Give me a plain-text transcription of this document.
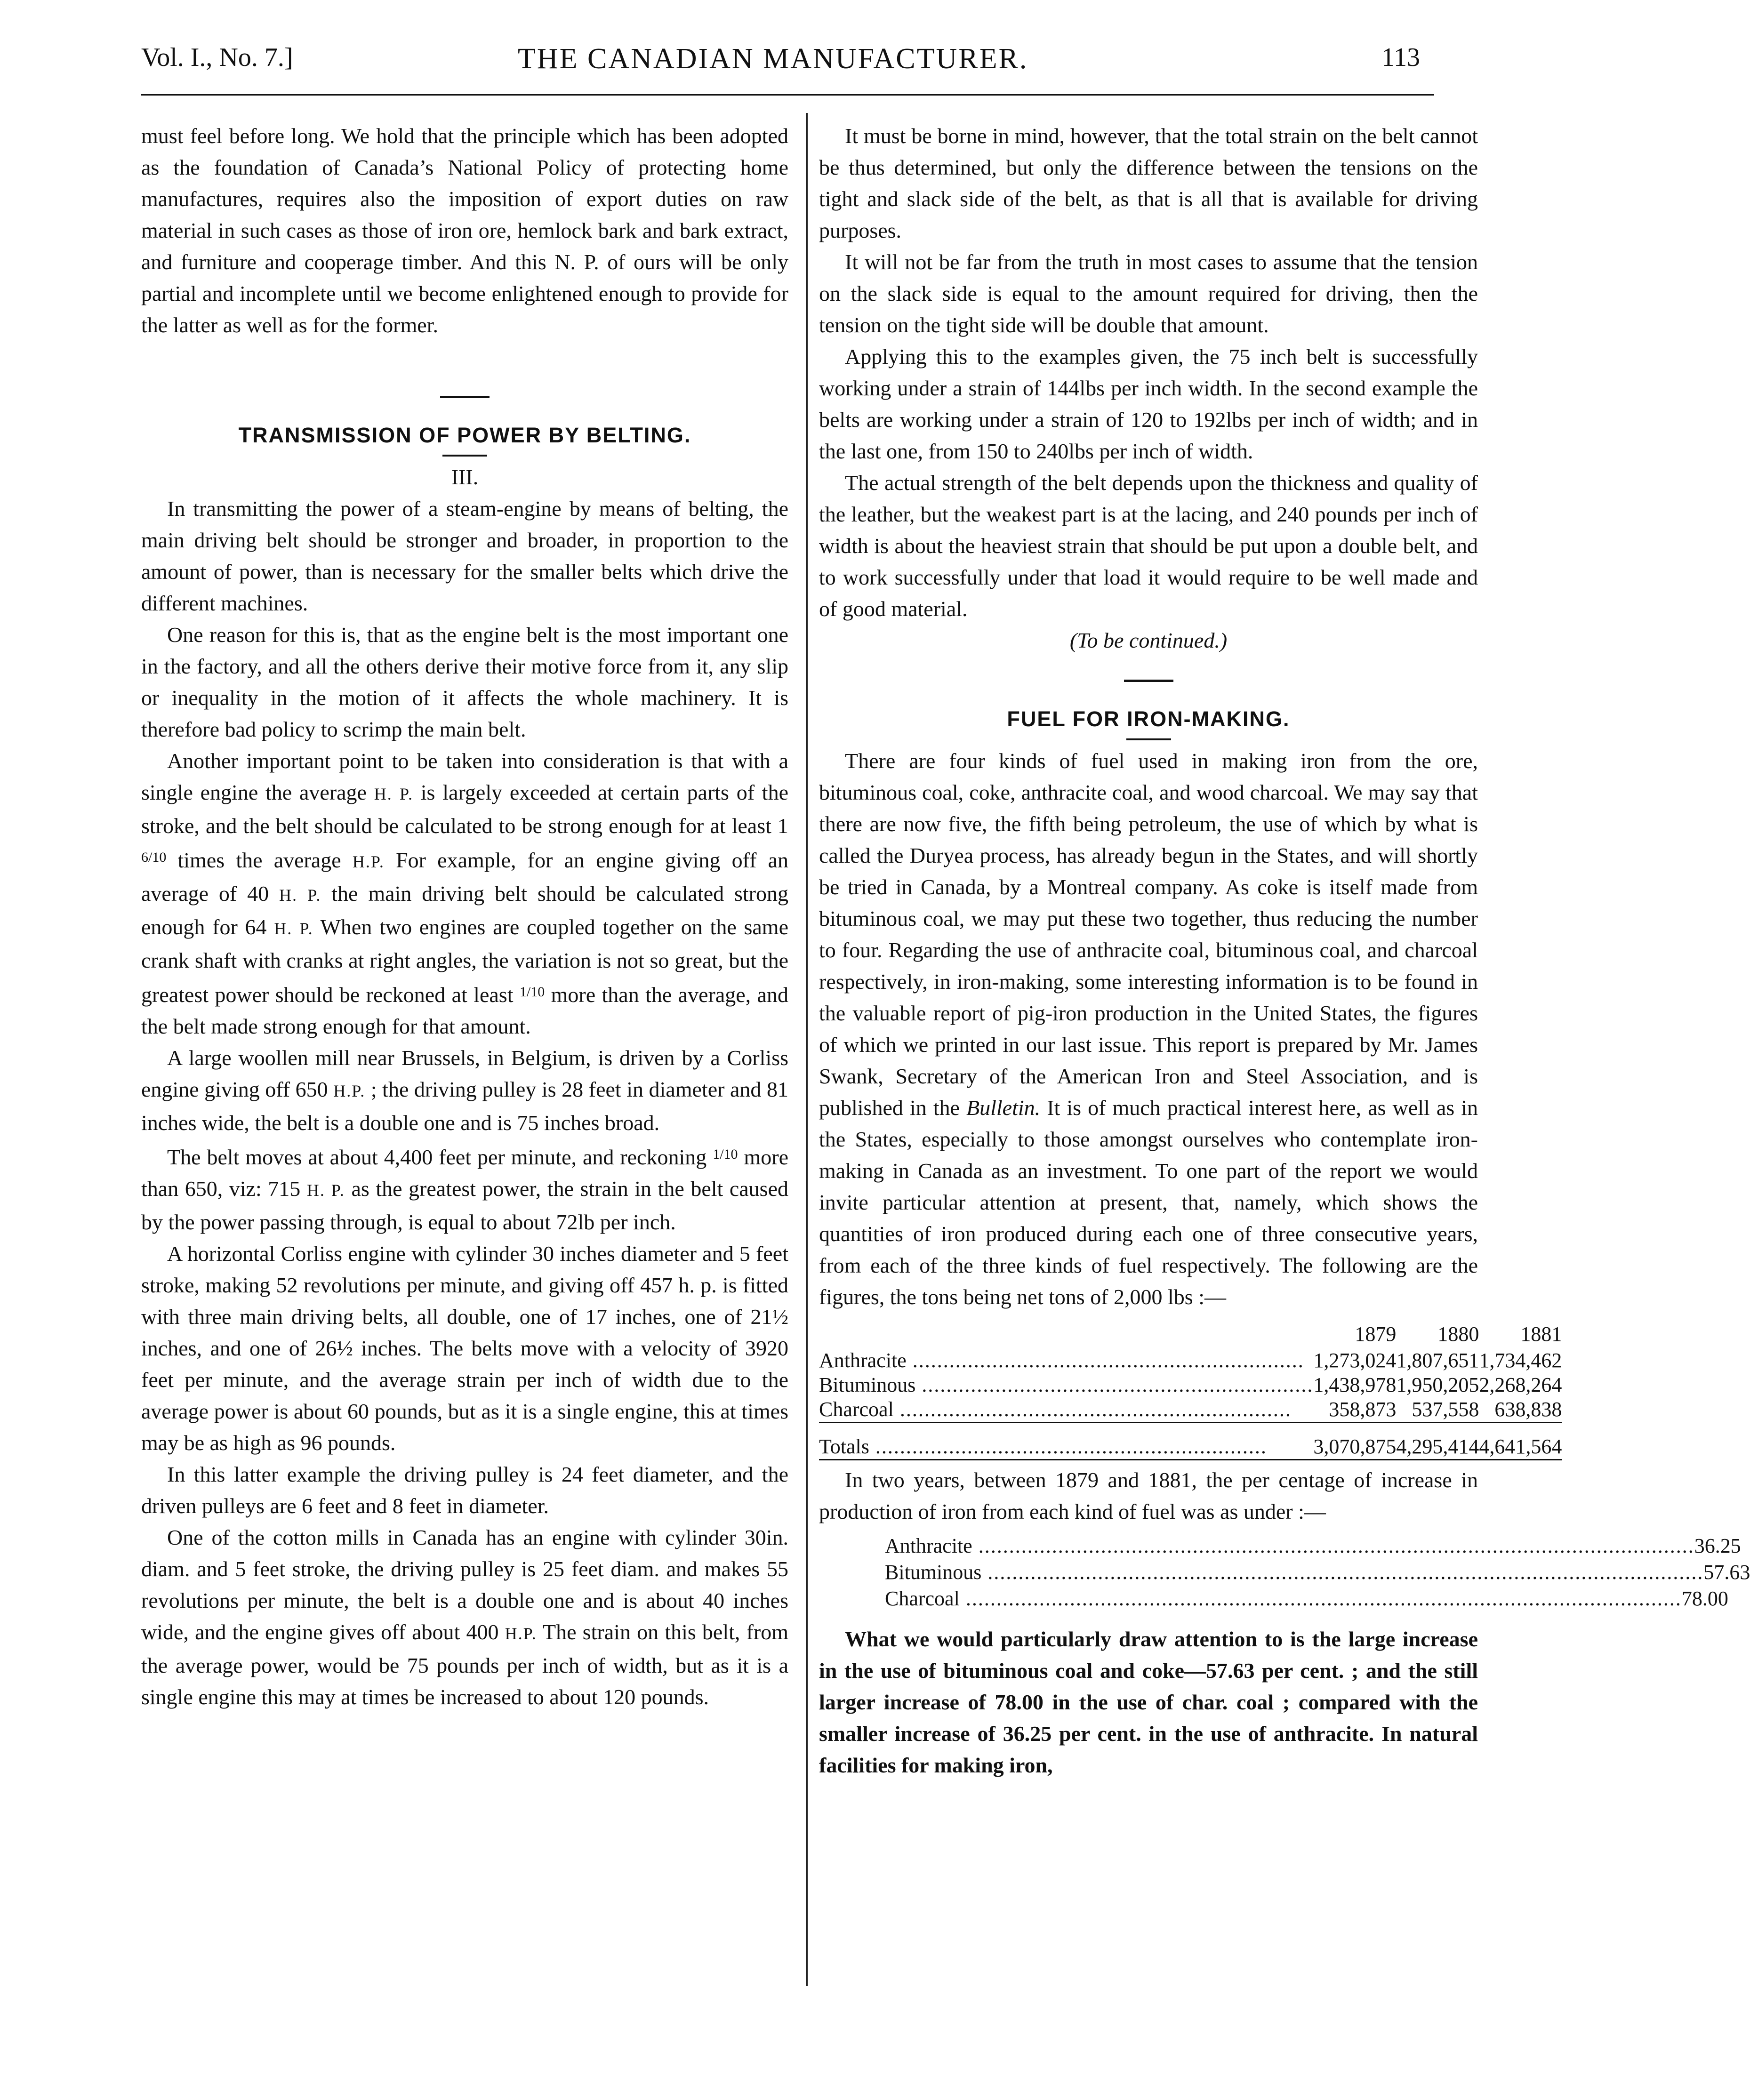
Vol. I., No. 7.]	THE CANADIAN MANUFACTURER.	113

must feel before long. We hold that the principle which has been adopted as the foundation of Canada’s National Policy of protecting home manufactures, requires also the imposition of export duties on raw material in such cases as those of iron ore, hemlock bark and bark extract, and furniture and cooperage timber. And this N. P. of ours will be only partial and incomplete until we become enlightened enough to provide for the latter as well as for the former.

TRANSMISSION OF POWER BY BELTING.
III.

In transmitting the power of a steam-engine by means of belting, the main driving belt should be stronger and broader, in proportion to the amount of power, than is necessary for the smaller belts which drive the different machines.

One reason for this is, that as the engine belt is the most important one in the factory, and all the others derive their motive force from it, any slip or inequality in the motion of it affects the whole machinery. It is therefore bad policy to scrimp the main belt.

Another important point to be taken into consideration is that with a single engine the average H. P. is largely exceeded at certain parts of the stroke, and the belt should be calculated to be strong enough for at least 1 $^{6/10}$ times the average H.P. For example, for an engine giving off an average of 40 H. P. the main driving belt should be calculated strong enough for 64 H. P. When two engines are coupled together on the same crank shaft with cranks at right angles, the variation is not so great, but the greatest power should be reckoned at least $^{1/10}$ more than the average, and the belt made strong enough for that amount.

A large woollen mill near Brussels, in Belgium, is driven by a Corliss engine giving off 650 H.P. ; the driving pulley is 28 feet in diameter and 81 inches wide, the belt is a double one and is 75 inches broad.

The belt moves at about 4,400 feet per minute, and reckoning $^{1/10}$ more than 650, viz: 715 H. P. as the greatest power, the strain in the belt caused by the power passing through, is equal to about 72lb per inch.

A horizontal Corliss engine with cylinder 30 inches diameter and 5 feet stroke, making 52 revolutions per minute, and giving off 457 h. p. is fitted with three main driving belts, all double, one of 17 inches, one of 21½ inches, and one of 26½ inches. The belts move with a velocity of 3920 feet per minute, and the average strain per inch of width due to the average power is about 60 pounds, but as it is a single engine, this at times may be as high as 96 pounds.

In this latter example the driving pulley is 24 feet diameter, and the driven pulleys are 6 feet and 8 feet in diameter.

One of the cotton mills in Canada has an engine with cylinder 30in. diam. and 5 feet stroke, the driving pulley is 25 feet diam. and makes 55 revolutions per minute, the belt is a double one and is about 40 inches wide, and the engine gives off about 400 H.P. The strain on this belt, from the average power, would be 75 pounds per inch of width, but as it is a single engine this may at times be increased to about 120 pounds.

It must be borne in mind, however, that the total strain on the belt cannot be thus determined, but only the difference between the tensions on the tight and slack side of the belt, as that is all that is available for driving purposes.

It will not be far from the truth in most cases to assume that the tension on the slack side is equal to the amount required for driving, then the tension on the tight side will be double that amount.

Applying this to the examples given, the 75 inch belt is successfully working under a strain of 144lbs per inch width. In the second example the belts are working under a strain of 120 to 192lbs per inch of width; and in the last one, from 150 to 240lbs per inch of width.

The actual strength of the belt depends upon the thickness and quality of the leather, but the weakest part is at the lacing, and 240 pounds per inch of width is about the heaviest strain that should be put upon a double belt, and to work successfully under that load it would require to be well made and of good material.

(To be continued.)
FUEL FOR IRON-MAKING.

There are four kinds of fuel used in making iron from the ore, bituminous coal, coke, anthracite coal, and wood charcoal. We may say that there are now five, the fifth being petroleum, the use of which by what is called the Duryea process, has already begun in the States, and will shortly be tried in Canada, by a Montreal company. As coke is itself made from bituminous coal, we may put these two together, thus reducing the number to four. Regarding the use of anthracite coal, bituminous coal, and charcoal respectively, in iron-making, some interesting information is to be found in the valuable report of pig-iron production in the United States, the figures of which we printed in our last issue. This report is prepared by Mr. James Swank, Secretary of the American Iron and Steel Association, and is published in the Bulletin. It is of much practical interest here, as well as in the States, especially to those amongst ourselves who contemplate iron-making in Canada as an investment. To one part of the report we would invite particular attention at present, that, namely, which shows the quantities of iron produced during each one of three consecutive years, from each of the three kinds of fuel respectively. The following are the figures, the tons being net tons of 2,000 lbs :—

	1879	1880	1881
Anthracite .....	1,273,024	1,807,651	1,734,462
Bituminous .....	1,438,978	1,950,205	2,268,264
Charcoal .....	358,873	537,558	638,838

Totals .....	3,070,875	4,295,414	4,641,564

In two years, between 1879 and 1881, the per centage of increase in production of iron from each kind of fuel was as under :—

Anthracite .....	36.25
Bituminous .....	57.63
Charcoal .....	78.00

What we would particularly draw attention to is the large increase in the use of bituminous coal and coke—57.63 per cent. ; and the still larger increase of 78.00 in the use of char. coal ; compared with the smaller increase of 36.25 per cent. in the use of anthracite. In natural facilities for making iron,
